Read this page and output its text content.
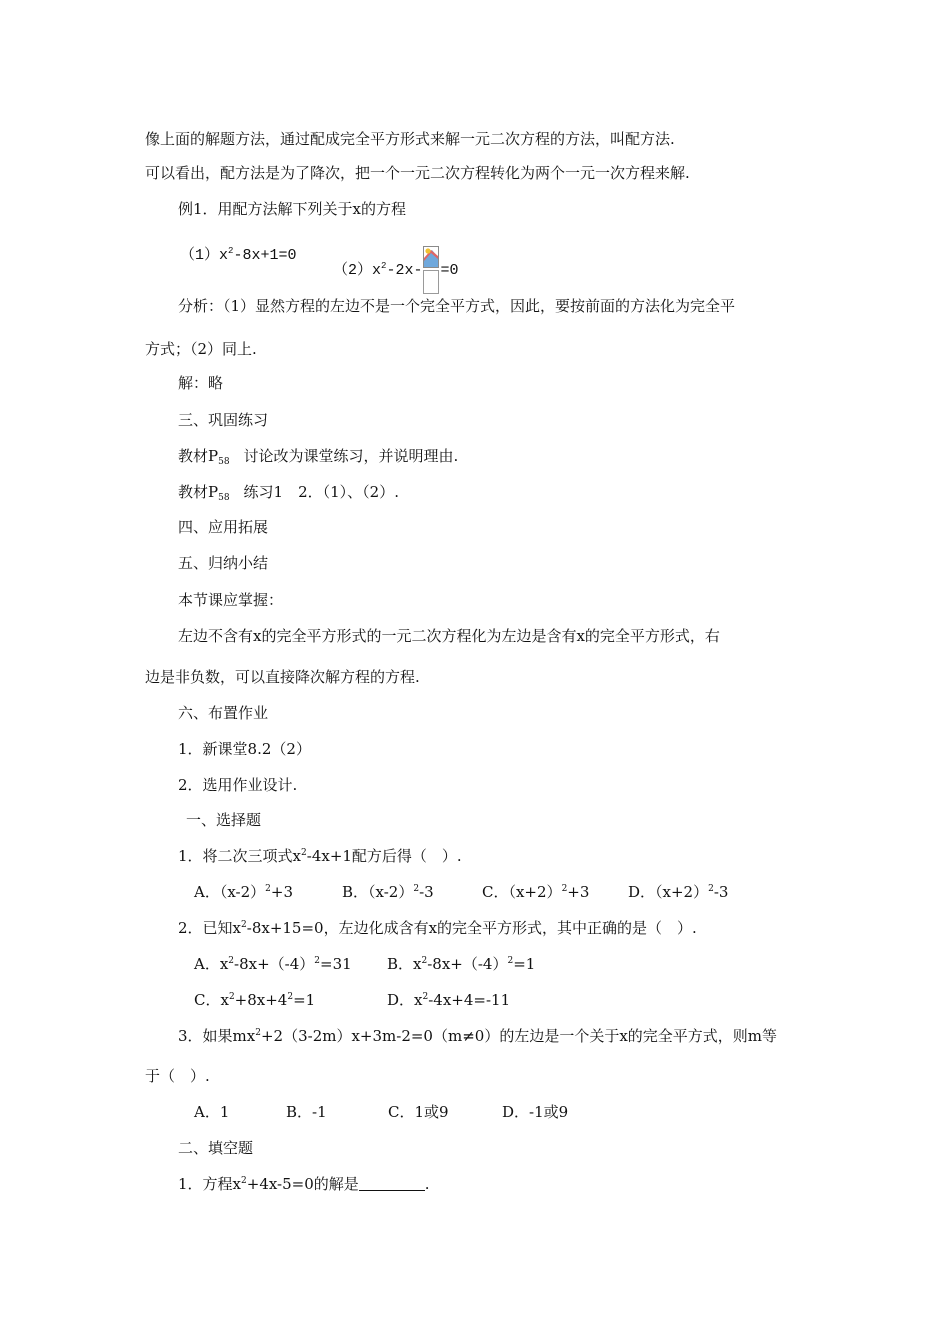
像上面的解题方法，通过配成完全平方形式来解一元二次方程的方法，叫配方法.
可以看出，配方法是为了降次，把一个一元二次方程转化为两个一元一次方程来解.
例1．用配方法解下列关于x的方程
$(1)x^2-8x+1=0$
$(2)x^2-2x- =0$
分析：（1）显然方程的左边不是一个完全平方式，因此，要按前面的方法化为完全平
方式；（2）同上.
解：略
三、巩固练习
教材$P_{58}$ 讨论改为课堂练习，并说明理由.
教材$P_{58}$ 练习1　2．（1）、（2）.
四、应用拓展
五、归纳小结
本节课应掌握：
左边不含有x的完全平方形式的一元二次方程化为左边是含有x的完全平方形式，右
边是非负数，可以直接降次解方程的方程.
六、布置作业
1．新课堂8.2（2）
2．选用作业设计.
一、选择题
1．将二次三项式$x^2-4x+1$配方后得（　）.
A．$(x-2)^2+3$	B．$(x-2)^2-3$	C．$(x+2)^2+3$	D．$(x+2)^2-3$
2．已知$x^2-8x+15=0$，左边化成含有x的完全平方形式，其中正确的是（　）.
A．$x^2-8x+(-4)^2=31$ B．$x^2-8x+(-4)^2=1$
C．$x^2+8x+4^2=1$	D．$x^2-4x+4=-11$
3．如果$mx^2+2(3-2m)x+3m-2=0(m\ne 0)$的左边是一个关于x的完全平方式，则m等
于（　）.
A．1	B．-1	C．1或9	D．-1或9
二、填空题
1．方程$x^2+4x-5=0$的解是	.
